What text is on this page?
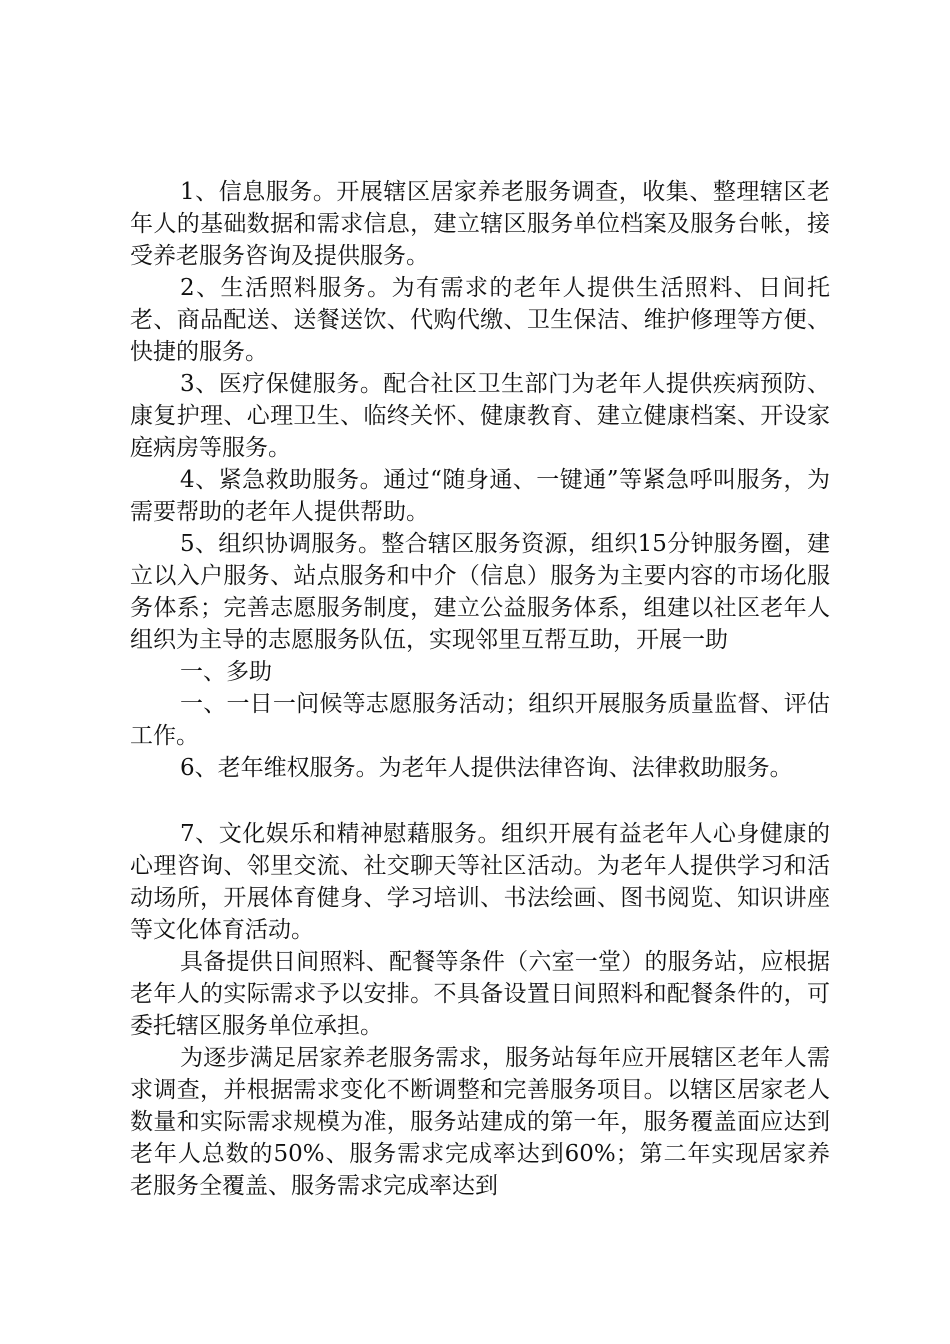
1、信息服务。开展辖区居家养老服务调查，收集、整理辖区老年人的基础数据和需求信息，建立辖区服务单位档案及服务台帐，接受养老服务咨询及提供服务。

2、生活照料服务。为有需求的老年人提供生活照料、日间托老、商品配送、送餐送饮、代购代缴、卫生保洁、维护修理等方便、快捷的服务。

3、医疗保健服务。配合社区卫生部门为老年人提供疾病预防、康复护理、心理卫生、临终关怀、健康教育、建立健康档案、开设家庭病房等服务。

4、紧急救助服务。通过“随身通、一键通”等紧急呼叫服务，为需要帮助的老年人提供帮助。

5、组织协调服务。整合辖区服务资源，组织15分钟服务圈，建立以入户服务、站点服务和中介（信息）服务为主要内容的市场化服务体系；完善志愿服务制度，建立公益服务体系，组建以社区老年人组织为主导的志愿服务队伍，实现邻里互帮互助，开展一助

一、多助

一、一日一问候等志愿服务活动；组织开展服务质量监督、评估工作。

6、老年维权服务。为老年人提供法律咨询、法律救助服务。

7、文化娱乐和精神慰藉服务。组织开展有益老年人心身健康的心理咨询、邻里交流、社交聊天等社区活动。为老年人提供学习和活动场所，开展体育健身、学习培训、书法绘画、图书阅览、知识讲座等文化体育活动。

具备提供日间照料、配餐等条件（六室一堂）的服务站，应根据老年人的实际需求予以安排。不具备设置日间照料和配餐条件的，可委托辖区服务单位承担。

为逐步满足居家养老服务需求，服务站每年应开展辖区老年人需求调查，并根据需求变化不断调整和完善服务项目。以辖区居家老人数量和实际需求规模为准，服务站建成的第一年，服务覆盖面应达到老年人总数的50%、服务需求完成率达到60%；第二年实现居家养老服务全覆盖、服务需求完成率达到
